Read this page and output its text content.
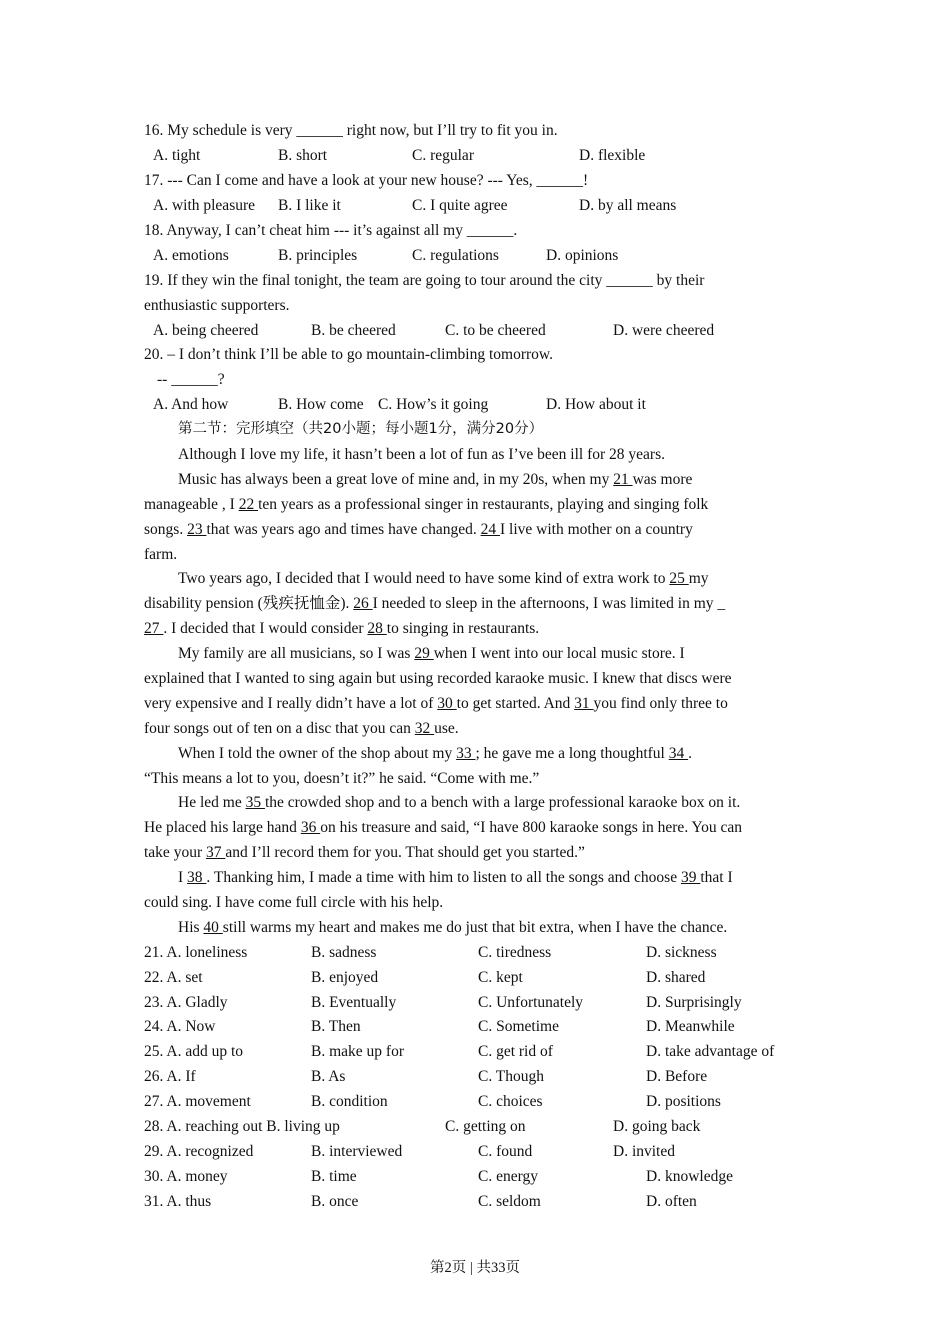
16. My schedule is very ______ right now, but I’ll try to fit you in.
A. tight	B. short	C. regular	D. flexible
17. --- Can I come and have a look at your new house? --- Yes, ______!
A. with pleasure B. I like it	C. I quite agree	D. by all means
18. Anyway, I can’t cheat him --- it’s against all my ______.
A. emotions	B. principles	C. regulations	D. opinions
19. If they win the final tonight, the team are going to tour around the city ______ by their
enthusiastic supporters.
A. being cheered	B. be cheered	C. to be cheered	D. were cheered
20. – I don’t think I’ll be able to go mountain-climbing tomorrow.
-- ______?
A. And how	B. How come C. How’s it going	D. How about it
第二节：完形填空（共20小题；每小题1分，满分20分）
Although I love my life, it hasn’t been a lot of fun as I’ve been ill for 28 years.
Music has always been a great love of mine and, in my 20s, when my 21 was more
manageable , I 22 ten years as a professional singer in restaurants, playing and singing folk
songs. 23 that was years ago and times have changed. 24 I live with mother on a country
farm.
Two years ago, I decided that I would need to have some kind of extra work to 25 my
disability pension (残疾抚恤金). 26 I needed to sleep in the afternoons, I was limited in my _
27 . I decided that I would consider 28 to singing in restaurants.
My family are all musicians, so I was 29 when I went into our local music store. I
explained that I wanted to sing again but using recorded karaoke music. I knew that discs were
very expensive and I really didn’t have a lot of 30 to get started. And 31 you find only three to
four songs out of ten on a disc that you can 32 use.
When I told the owner of the shop about my 33 ; he gave me a long thoughtful 34 .
“This means a lot to you, doesn’t it?” he said. “Come with me.”
He led me 35 the crowded shop and to a bench with a large professional karaoke box on it.
He placed his large hand 36 on his treasure and said, “I have 800 karaoke songs in here. You can
take your 37 and I’ll record them for you. That should get you started.”
I 38 . Thanking him, I made a time with him to listen to all the songs and choose 39 that I
could sing. I have come full circle with his help.
His 40 still warms my heart and makes me do just that bit extra, when I have the chance.
21. A. loneliness	B. sadness	C. tiredness	D. sickness
22. A. set	B. enjoyed	C. kept	D. shared
23. A. Gladly	B. Eventually	C. Unfortunately	D. Surprisingly
24. A. Now	B. Then	C. Sometime	D. Meanwhile
25. A. add up to	B. make up for	C. get rid of	D. take advantage of
26. A. If	B. As	C. Though	D. Before
27. A. movement	B. condition	C. choices	D. positions
28. A. reaching out B. living up	C. getting on	D. going back
29. A. recognized	B. interviewed	C. found	D. invited
30. A. money	B. time	C. energy	D. knowledge
31. A. thus	B. once	C. seldom	D. often
第2页 | 共33页
